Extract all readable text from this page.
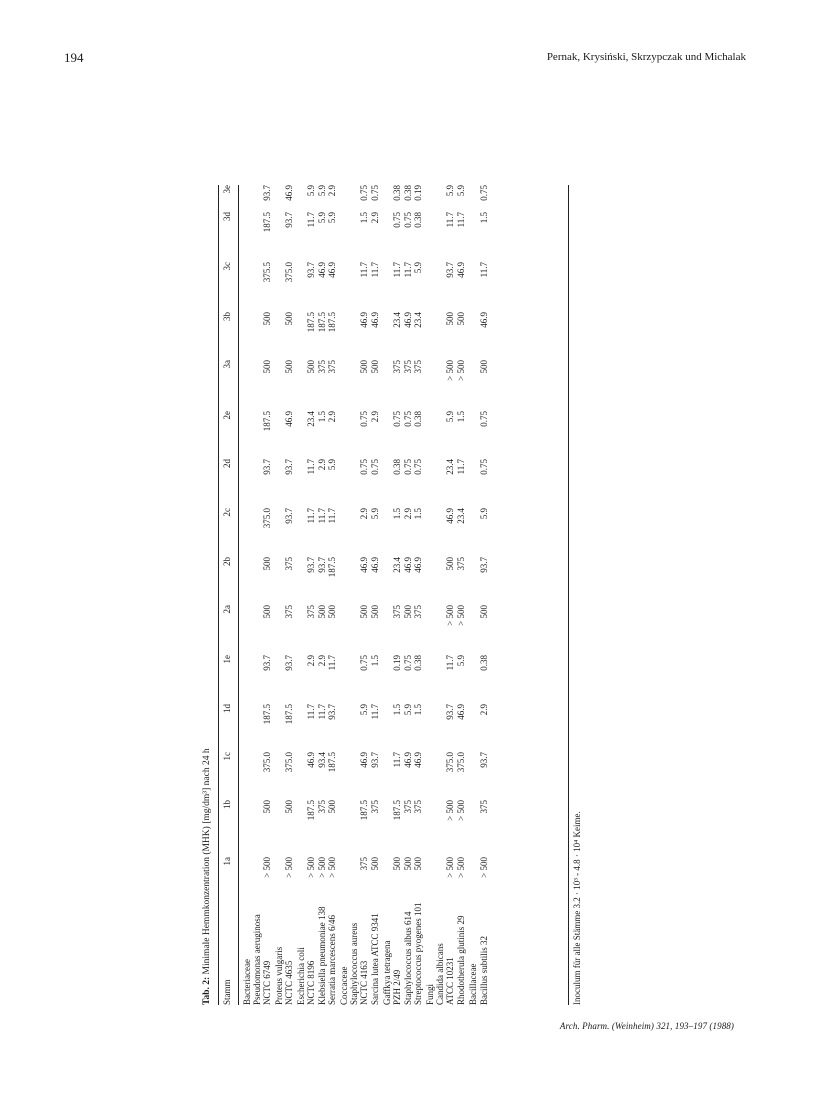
194	Pernak, Krysiński, Skrzypczak und Michalak
Tab. 2: Minimale Hemmkonzentration (MHK) [mg/dm³] nach 24 h
Stamm
1a
1b
1c
1d
1e
2a
2b
2c
2d
2e
3a
3b
3c
3d
3e
Bacteriaceae Pseudomonas aeruginosa NCTC 6749
> 500
500
375.0
187.5
93.7
500
500
375.0
93.7
187.5
500
500
375.5
187.5
93.7
Proteus vulgaris NCTC 4635
> 500
500
375.0
187.5
93.7
375
375
93.7
93.7
46.9
500
500
375.0
93.7
46.9
Escherichia coli NCTC 8196
> 500
187.5
46.9
11.7
2.9
375
93.7
11.7
11.7
23.4
500
187.5
93.7
11.7
5.9
Klebsiella pneumoniae 138
> 500
375
93.4
11.7
2.9
500
93.7
11.7
2.9
1.5
375
187.5
46.9
5.9
5.9
Serratia marcescens 6/46
> 500
500
187.5
93.7
11.7
500
187.5
11.7
5.9
2.9
375
187.5
46.9
5.9
2.9
Coccaceae Staphylococcus aureus NCTC 4163
375
187.5
46.9
5.9
0.75
500
46.9
2.9
0.75
0.75
500
46.9
11.7
1.5
0.75
Sarcina lutea ATCC 9341
500
375
93.7
11.7
1.5
500
46.9
5.9
0.75
2.9
500
46.9
11.7
2.9
0.75
Gaffkya tetragena PZH 2/49
500
187.5
11.7
1.5
0.19
375
23.4
1.5
0.38
0.75
375
23.4
11.7
0.75
0.38
Staphylococcus albus 614
500
375
46.9
5.9
0.75
500
46.9
2.9
0.75
0.75
375
46.9
11.7
0.75
0.38
Streptococcus pyogenes 101
500
375
46.9
1.5
0.38
375
46.9
1.5
0.75
0.38
375
23.4
5.9
0.38
0.19
Fungi Candida albicans ATCC 10231
> 500
> 500
375.0
93.7
11.7
> 500
500
46.9
23.4
5.9
> 500
500
93.7
11.7
5.9
Rhodotherula glutinis 29
> 500
> 500
375.0
46.9
5.9
> 500
375
23.4
11.7
1.5
> 500
500
46.9
11.7
5.9
Bacillaceae Bacillus subtilis 32
> 500
375
93.7
2.9
0.38
500
93.7
5.9
0.75
0.75
500
46.9
11.7
1.5
0.75
Inoculum für alle Stämme 3.2 · 10³ - 4.8 · 10⁴ Keime.
Arch. Pharm. (Weinheim) 321, 193–197 (1988)
